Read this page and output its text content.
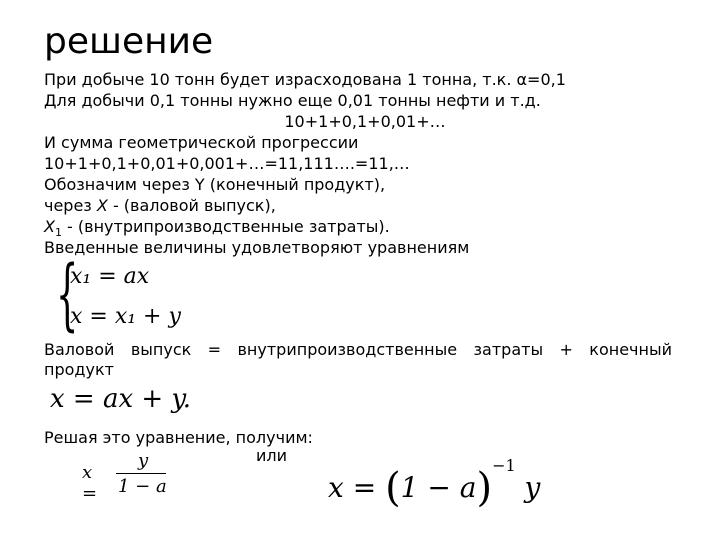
решение
При добыче 10 тонн будет израсходована 1 тонна, т.к. α=0,1
Для добычи 0,1 тонны нужно еще 0,01 тонны нефти и т.д.
10+1+0,1+0,01+…
И сумма геометрической прогрессии
10+1+0,1+0,01+0,001+…=11,111….=11,…
Обозначим через Y (конечный продукт),
через X - (валовой выпуск),
$X_1$ - (внутрипроизводственные затраты).
Введенные величины удовлетворяют уравнениям
{
x₁ = ax
x = x₁ + y
Валовой выпуск = внутрипроизводственные затраты + конечный продукт
x = ax + y.
Решая это уравнение, получим:
x =
y
1 − a
или
$x = (1 - a)^{-1}$ y
